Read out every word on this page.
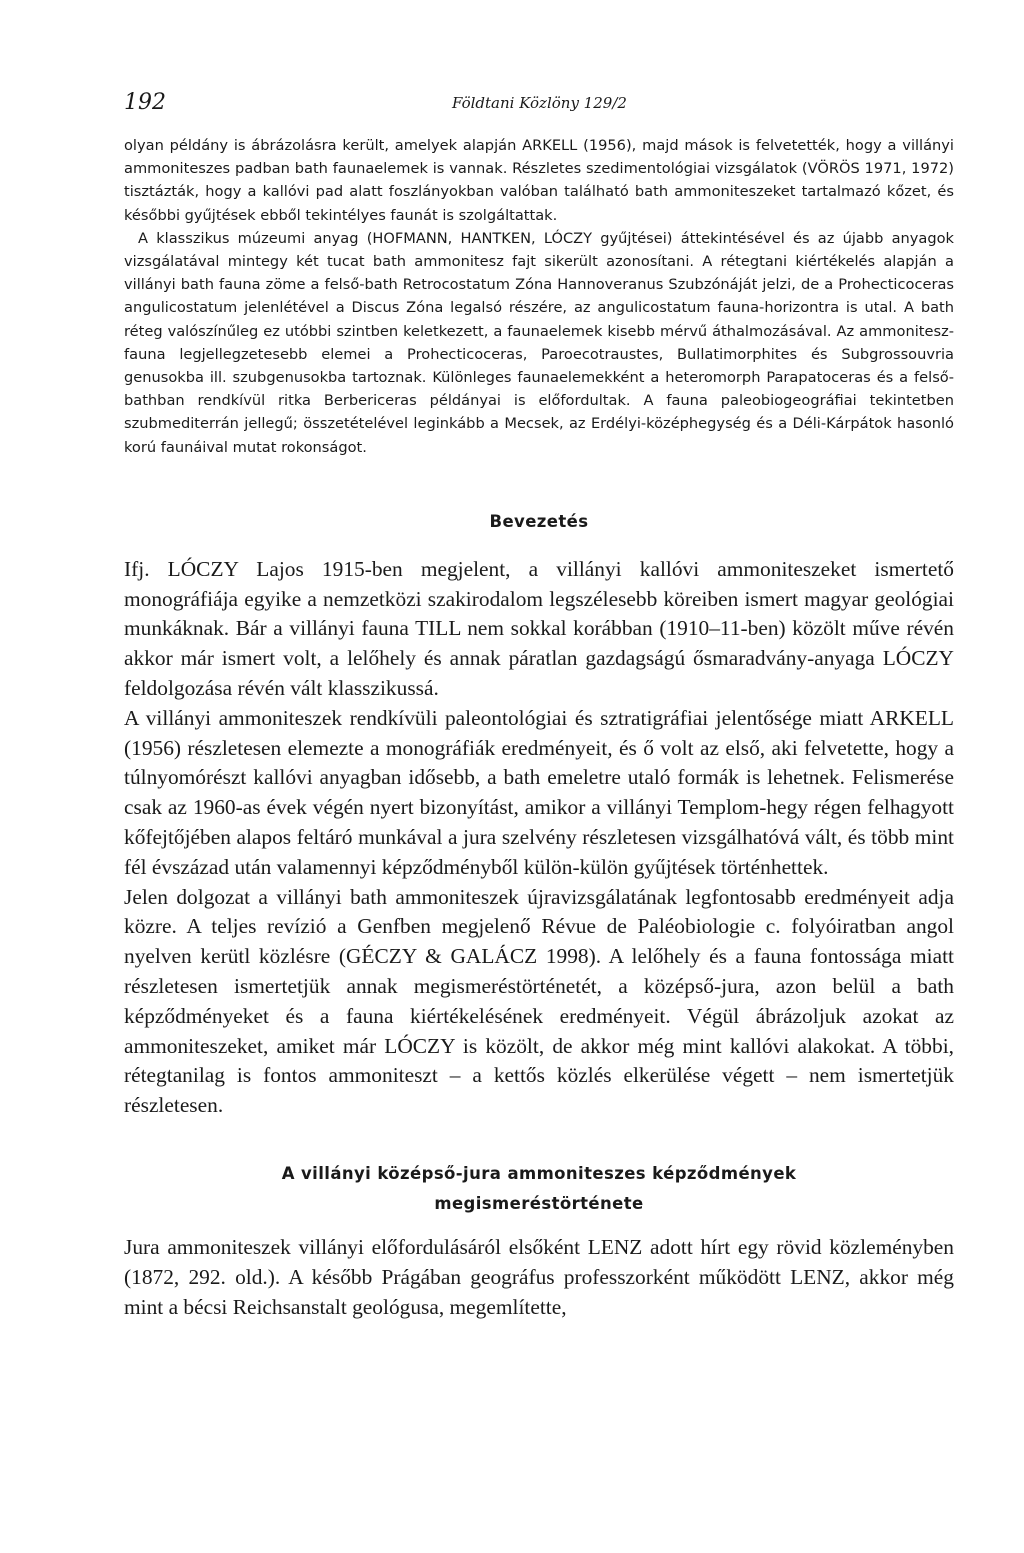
192	Földtani Közlöny 129/2

olyan példány is ábrázolásra került, amelyek alapján ARKELL (1956), majd mások is felvetették, hogy a villányi ammoniteszes padban bath faunaelemek is vannak. Részletes szedimentológiai vizsgálatok (VÖRÖS 1971, 1972) tisztázták, hogy a kallóvi pad alatt foszlányokban valóban található bath ammoniteszeket tartalmazó kőzet, és későbbi gyűjtések ebből tekintélyes faunát is szolgáltattak.

A klasszikus múzeumi anyag (HOFMANN, HANTKEN, LÓCZY gyűjtései) áttekintésével és az újabb anyagok vizsgálatával mintegy két tucat bath ammonitesz fajt sikerült azonosítani. A rétegtani kiértékelés alapján a villányi bath fauna zöme a felső-bath Retrocostatum Zóna Hannoveranus Szubzónáját jelzi, de a Prohecticoceras angulicostatum jelenlétével a Discus Zóna legalsó részére, az angulicostatum fauna-horizontra is utal. A bath réteg valószínűleg ez utóbbi szintben keletkezett, a faunaelemek kisebb mérvű áthalmozásával. Az ammonitesz-fauna legjellegzetesebb elemei a Prohecticoceras, Paroecotraustes, Bullatimorphites és Subgrossouvria genusokba ill. szubgenusokba tartoznak. Különleges faunaelemekként a heteromorph Parapatoceras és a felső-bathban rendkívül ritka Berbericeras példányai is előfordultak. A fauna paleobiogeográfiai tekintetben szubmediterrán jellegű; összetételével leginkább a Mecsek, az Erdélyi-középhegység és a Déli-Kárpátok hasonló korú faunáival mutat rokonságot.

Bevezetés

Ifj. LÓCZY Lajos 1915-ben megjelent, a villányi kallóvi ammoniteszeket ismertető monográfiája egyike a nemzetközi szakirodalom legszélesebb köreiben ismert magyar geológiai munkáknak. Bár a villányi fauna TILL nem sokkal korábban (1910–11-ben) közölt műve révén akkor már ismert volt, a lelőhely és annak páratlan gazdagságú ősmaradvány-anyaga LÓCZY feldolgozása révén vált klasszikussá.

A villányi ammoniteszek rendkívüli paleontológiai és sztratigráfiai jelentősége miatt ARKELL (1956) részletesen elemezte a monográfiák eredményeit, és ő volt az első, aki felvetette, hogy a túlnyomórészt kallóvi anyagban idősebb, a bath emeletre utaló formák is lehetnek. Felismerése csak az 1960-as évek végén nyert bizonyítást, amikor a villányi Templom-hegy régen felhagyott kőfejtőjében alapos feltáró munkával a jura szelvény részletesen vizsgálhatóvá vált, és több mint fél évszázad után valamennyi képződményből külön-külön gyűjtések történhettek.

Jelen dolgozat a villányi bath ammoniteszek újravizsgálatának legfontosabb eredményeit adja közre. A teljes revízió a Genfben megjelenő Révue de Paléobiologie c. folyóiratban angol nyelven kerütl közlésre (GÉCZY & GALÁCZ 1998). A lelőhely és a fauna fontossága miatt részletesen ismertetjük annak megismeréstörténetét, a középső-jura, azon belül a bath képződményeket és a fauna kiértékelésének eredményeit. Végül ábrázoljuk azokat az ammoniteszeket, amiket már LÓCZY is közölt, de akkor még mint kallóvi alakokat. A többi, rétegtanilag is fontos ammoniteszt – a kettős közlés elkerülése végett – nem ismertetjük részletesen.

A villányi középső-jura ammoniteszes képződmények
megismeréstörténete

Jura ammoniteszek villányi előfordulásáról elsőként LENZ adott hírt egy rövid közleményben (1872, 292. old.). A később Prágában geográfus professzorként működött LENZ, akkor még mint a bécsi Reichsanstalt geológusa, megemlítette,
